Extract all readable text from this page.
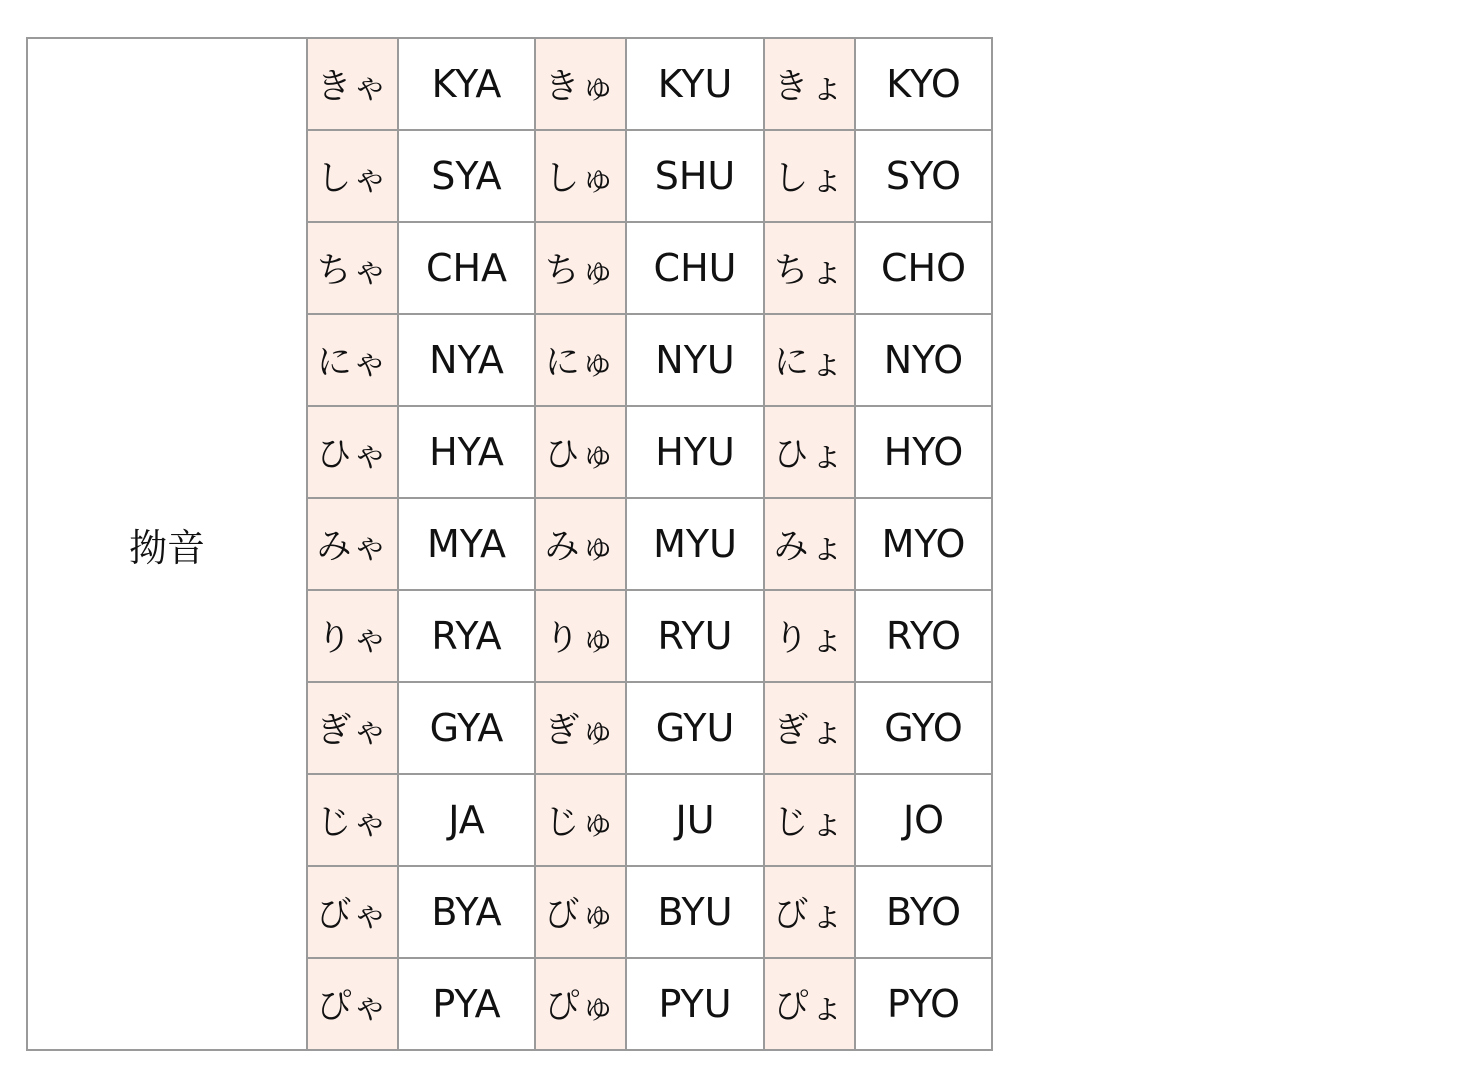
拗音	きゃ	KYA	きゅ	KYU	きょ	KYO
	しゃ	SYA	しゅ	SHU	しょ	SYO
	ちゃ	CHA	ちゅ	CHU	ちょ	CHO
	にゃ	NYA	にゅ	NYU	にょ	NYO
	ひゃ	HYA	ひゅ	HYU	ひょ	HYO
	みゃ	MYA	みゅ	MYU	みょ	MYO
	りゃ	RYA	りゅ	RYU	りょ	RYO
	ぎゃ	GYA	ぎゅ	GYU	ぎょ	GYO
	じゃ	JA	じゅ	JU	じょ	JO
	びゃ	BYA	びゅ	BYU	びょ	BYO
	ぴゃ	PYA	ぴゅ	PYU	ぴょ	PYO
